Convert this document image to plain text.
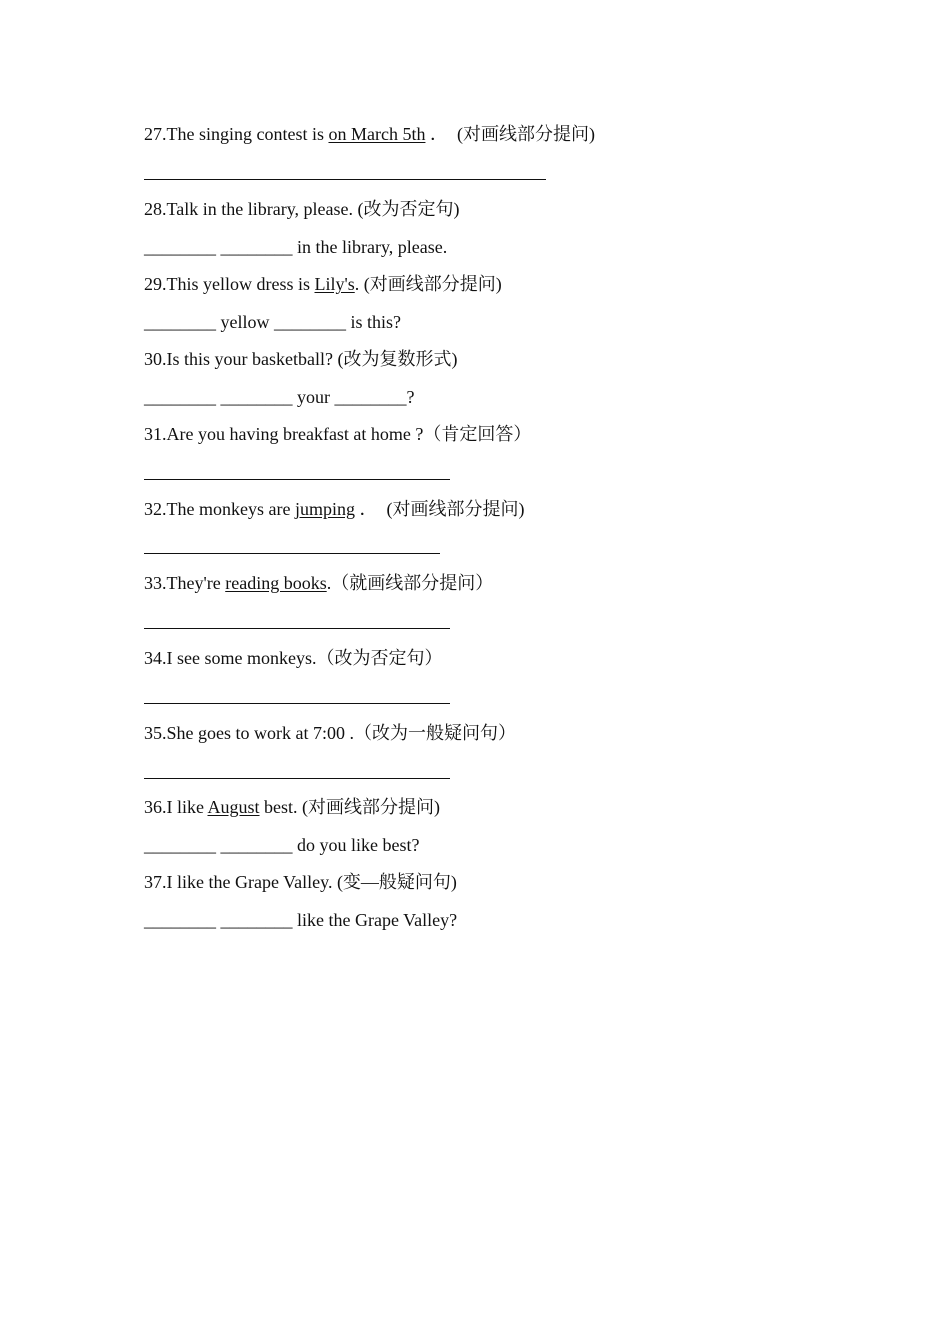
27.The singing contest is on March 5th ．  (对画线部分提问)
28.Talk in the library, please. (改为否定句)
________ ________ in the library, please.
29.This yellow dress is Lily's. (对画线部分提问)
________ yellow ________ is this?
30.Is this your basketball? (改为复数形式)
________ ________ your ________?
31.Are you having breakfast at home ?（肯定回答）
32.The monkeys are jumping ．  (对画线部分提问)
33.They're reading books.（就画线部分提问）
34.I see some monkeys.（改为否定句）
35.She goes to work at 7:00 .（改为一般疑问句）
36.I like August best. (对画线部分提问)
________ ________ do you like best?
37.I like the Grape Valley. (变—般疑问句)
________ ________ like the Grape Valley?
